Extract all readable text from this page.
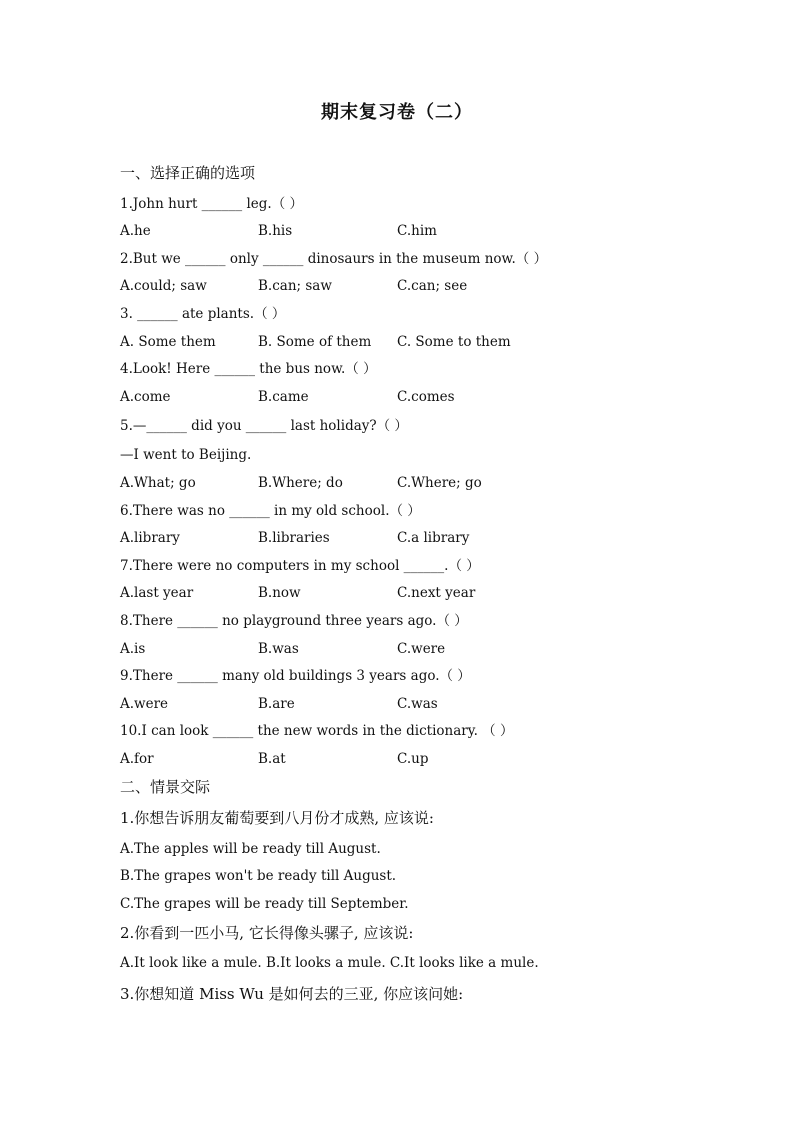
期末复习卷（二）
一、选择正确的选项
1.John hurt ______ leg.（ ）
A.he	B.his	C.him
2.But we ______ only ______ dinosaurs in the museum now.（ ）
A.could; saw	B.can; saw	C.can; see
3. ______ ate plants.（ ）
A. Some them	B. Some of them C. Some to them
4.Look! Here ______ the bus now.（ ）
A.come	B.came	C.comes
5.—______ did you ______ last holiday?（ ）
—I went to Beijing.
A.What; go	B.Where; do	C.Where; go
6.There was no ______ in my old school.（ ）
A.library	B.libraries	C.a library
7.There were no computers in my school ______.（ ）
A.last year	B.now	C.next year
8.There ______ no playground three years ago.（ ）
A.is	B.was	C.were
9.There ______ many old buildings 3 years ago.（ ）
A.were	B.are	C.was
10.I can look ______ the new words in the dictionary. （ ）
A.for	B.at	C.up
二、情景交际
1.你想告诉朋友葡萄要到八月份才成熟, 应该说:
A.The apples will be ready till August.
B.The grapes won't be ready till August.
C.The grapes will be ready till September.
2.你看到一匹小马, 它长得像头骡子, 应该说:
A.It look like a mule. B.It looks a mule. C.It looks like a mule.
3.你想知道 Miss Wu 是如何去的三亚, 你应该问她:
